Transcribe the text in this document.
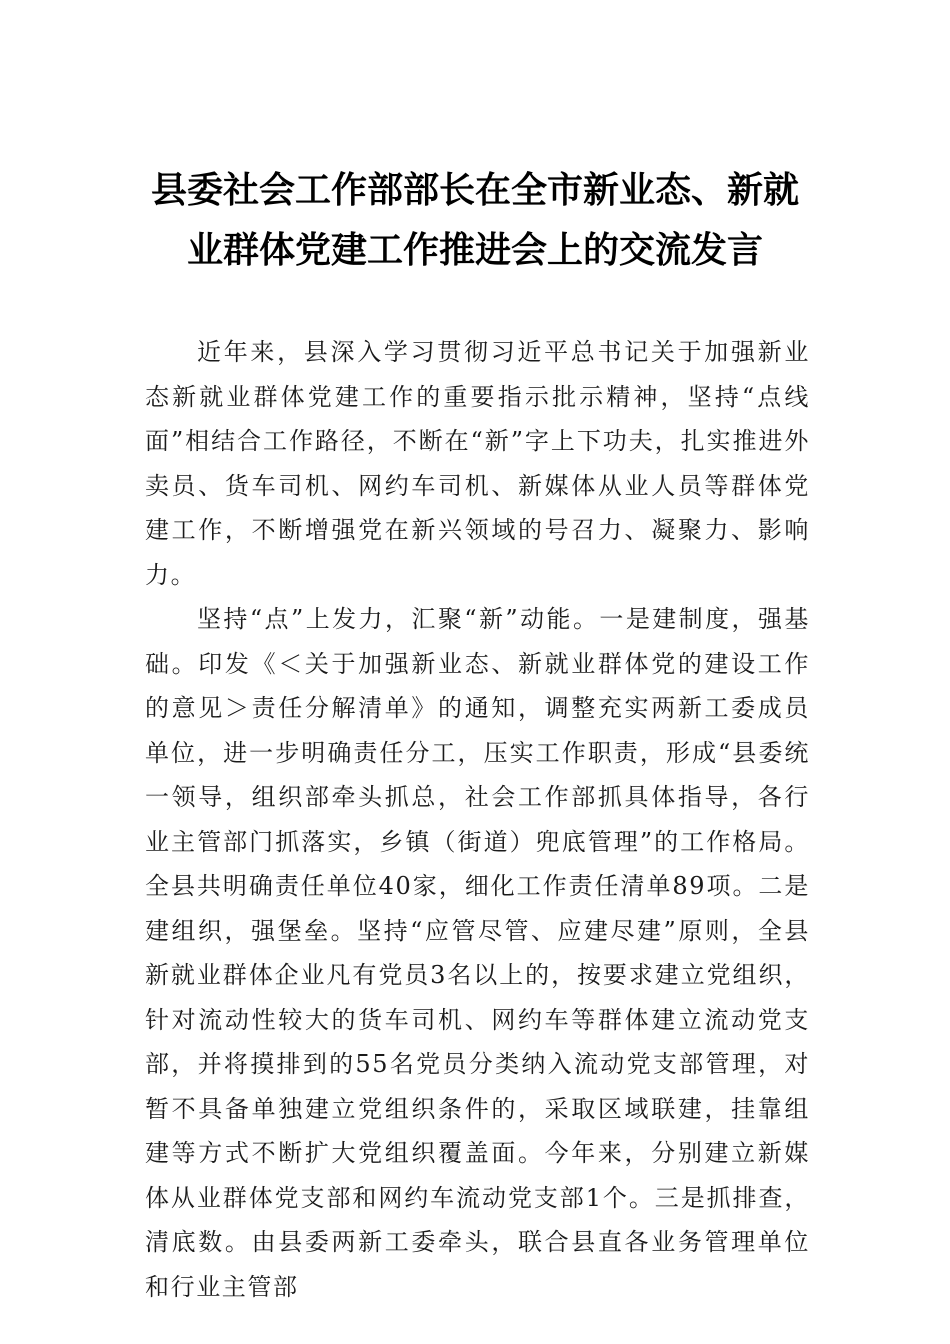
县委社会工作部部长在全市新业态、新就
业群体党建工作推进会上的交流发言

近年来，县深入学习贯彻习近平总书记关于加强新业态新就业群体党建工作的重要指示批示精神，坚持“点线面”相结合工作路径，不断在“新”字上下功夫，扎实推进外卖员、货车司机、网约车司机、新媒体从业人员等群体党建工作，不断增强党在新兴领域的号召力、凝聚力、影响力。

坚持“点”上发力，汇聚“新”动能。一是建制度，强基础。印发《＜关于加强新业态、新就业群体党的建设工作的意见＞责任分解清单》的通知，调整充实两新工委成员单位，进一步明确责任分工，压实工作职责，形成“县委统一领导，组织部牵头抓总，社会工作部抓具体指导，各行业主管部门抓落实，乡镇（街道）兜底管理”的工作格局。全县共明确责任单位40家，细化工作责任清单89项。二是建组织，强堡垒。坚持“应管尽管、应建尽建”原则，全县新就业群体企业凡有党员3名以上的，按要求建立党组织，针对流动性较大的货车司机、网约车等群体建立流动党支部，并将摸排到的55名党员分类纳入流动党支部管理，对暂不具备单独建立党组织条件的，采取区域联建，挂靠组建等方式不断扩大党组织覆盖面。今年来，分别建立新媒体从业群体党支部和网约车流动党支部1个。三是抓排查，清底数。由县委两新工委牵头，联合县直各业务管理单位和行业主管部
